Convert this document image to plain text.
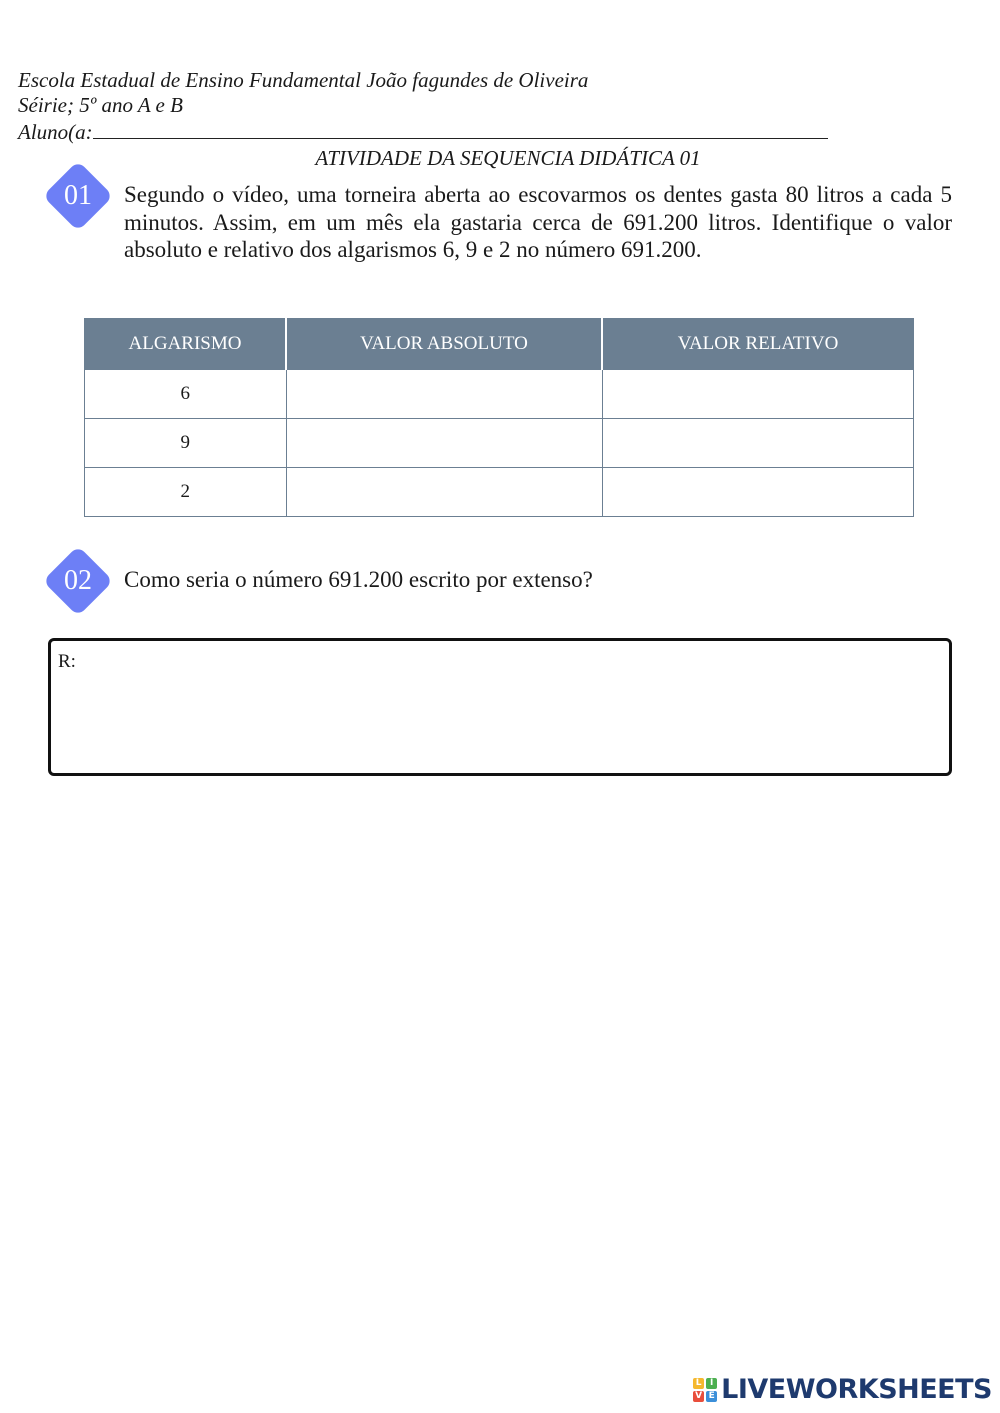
Escola Estadual de Ensino Fundamental João fagundes de Oliveira
Séirie; 5º ano A e B
Aluno(a:
ATIVIDADE DA SEQUENCIA DIDÁTICA 01
01	Segundo o vídeo, uma torneira aberta ao escovarmos os dentes gasta 80 litros a cada 5 minutos. Assim, em um mês ela gastaria cerca de 691.200 litros. Identifique o valor absoluto e relativo dos algarismos 6, 9 e 2 no número 691.200.
ALGARISMO	VALOR ABSOLUTO	VALOR RELATIVO
6		
9		
2		
02	Como seria o número 691.200 escrito por extenso?
R:
L I
V E LIVEWORKSHEETS
